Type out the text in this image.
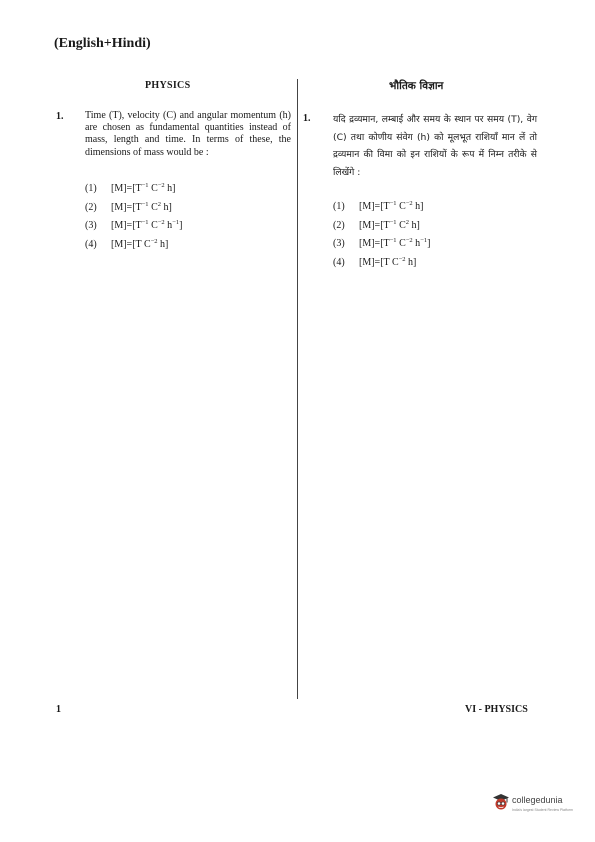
(English+Hindi)
PHYSICS	भौतिक विज्ञान
1. Time (T), velocity (C) and angular momentum (h) are chosen as fundamental quantities instead of mass, length and time. In terms of these, the dimensions of mass would be :
(1) $[M]=[T^{-1}$ $C^{-2}$ h]
(2) $[M]=[T^{-1}$ $C^2$ h]
(3) $[M]=[T^{-1}$ $C^{-2}$ $h^{-1}$]
(4) [M]=[T $C^{-2}$ h]
1. यदि द्रव्यमान, लम्बाई और समय के स्थान पर समय (T), वेग (C) तथा कोणीय संवेग (h) को मूलभूत राशियाँ मान लें तो द्रव्यमान की विमा को इन राशियों के रूप में निम्न तरीके से लिखेंगे :
(1) $[M]=[T^{-1}$ $C^{-2}$ h]
(2) $[M]=[T^{-1}$ $C^2$ h]
(3) $[M]=[T^{-1}$ $C^{-2}$ $h^{-1}$]
(4) [M]=[T $C^{-2}$ h]
1	VI - PHYSICS
collegedunia
India's largest Student Review Platform
